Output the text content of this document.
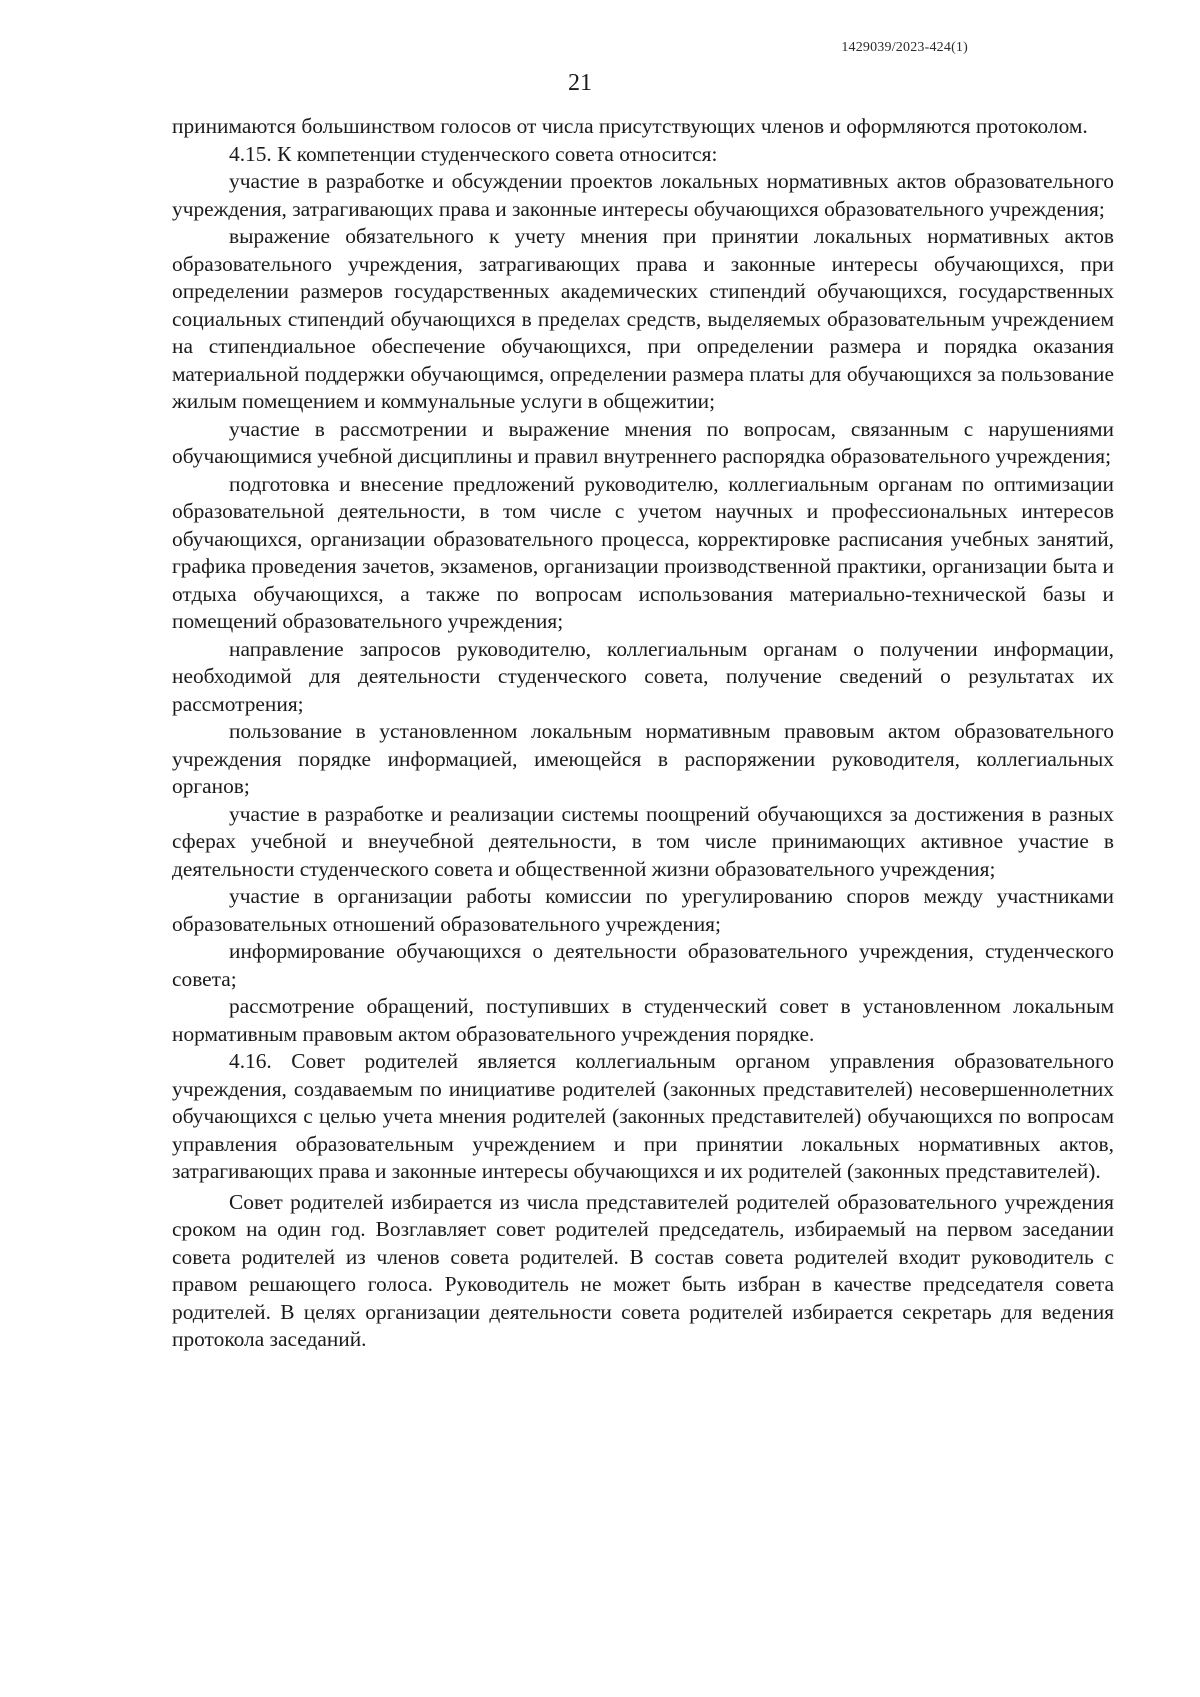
1429039/2023-424(1)
21

принимаются большинством голосов от числа присутствующих членов и оформляются протоколом.

4.15. К компетенции студенческого совета относится:

участие в разработке и обсуждении проектов локальных нормативных актов образовательного учреждения, затрагивающих права и законные интересы обучающихся образовательного учреждения;

выражение обязательного к учету мнения при принятии локальных нормативных актов образовательного учреждения, затрагивающих права и законные интересы обучающихся, при определении размеров государственных академических стипендий обучающихся, государственных социальных стипендий обучающихся в пределах средств, выделяемых образовательным учреждением на стипендиальное обеспечение обучающихся, при определении размера и порядка оказания материальной поддержки обучающимся, определении размера платы для обучающихся за пользование жилым помещением и коммунальные услуги в общежитии;

участие в рассмотрении и выражение мнения по вопросам, связанным с нарушениями обучающимися учебной дисциплины и правил внутреннего распорядка образовательного учреждения;

подготовка и внесение предложений руководителю, коллегиальным органам по оптимизации образовательной деятельности, в том числе с учетом научных и профессиональных интересов обучающихся, организации образовательного процесса, корректировке расписания учебных занятий, графика проведения зачетов, экзаменов, организации производственной практики, организации быта и отдыха обучающихся, а также по вопросам использования материально-технической базы и помещений образовательного учреждения;

направление запросов руководителю, коллегиальным органам о получении информации, необходимой для деятельности студенческого совета, получение сведений о результатах их рассмотрения;

пользование в установленном локальным нормативным правовым актом образовательного учреждения порядке информацией, имеющейся в распоряжении руководителя, коллегиальных органов;

участие в разработке и реализации системы поощрений обучающихся за достижения в разных сферах учебной и внеучебной деятельности, в том числе принимающих активное участие в деятельности студенческого совета и общественной жизни образовательного учреждения;

участие в организации работы комиссии по урегулированию споров между участниками образовательных отношений образовательного учреждения;

информирование обучающихся о деятельности образовательного учреждения, студенческого совета;

рассмотрение обращений, поступивших в студенческий совет в установленном локальным нормативным правовым актом образовательного учреждения порядке.

4.16. Совет родителей является коллегиальным органом управления образовательного учреждения, создаваемым по инициативе родителей (законных представителей) несовершеннолетних обучающихся с целью учета мнения родителей (законных представителей) обучающихся по вопросам управления образовательным учреждением и при принятии локальных нормативных актов, затрагивающих права и законные интересы обучающихся и их родителей (законных представителей).

Совет родителей избирается из числа представителей родителей образовательного учреждения сроком на один год. Возглавляет совет родителей председатель, избираемый на первом заседании совета родителей из членов совета родителей. В состав совета родителей входит руководитель с правом решающего голоса. Руководитель не может быть избран в качестве председателя совета родителей. В целях организации деятельности совета родителей избирается секретарь для ведения протокола заседаний.
